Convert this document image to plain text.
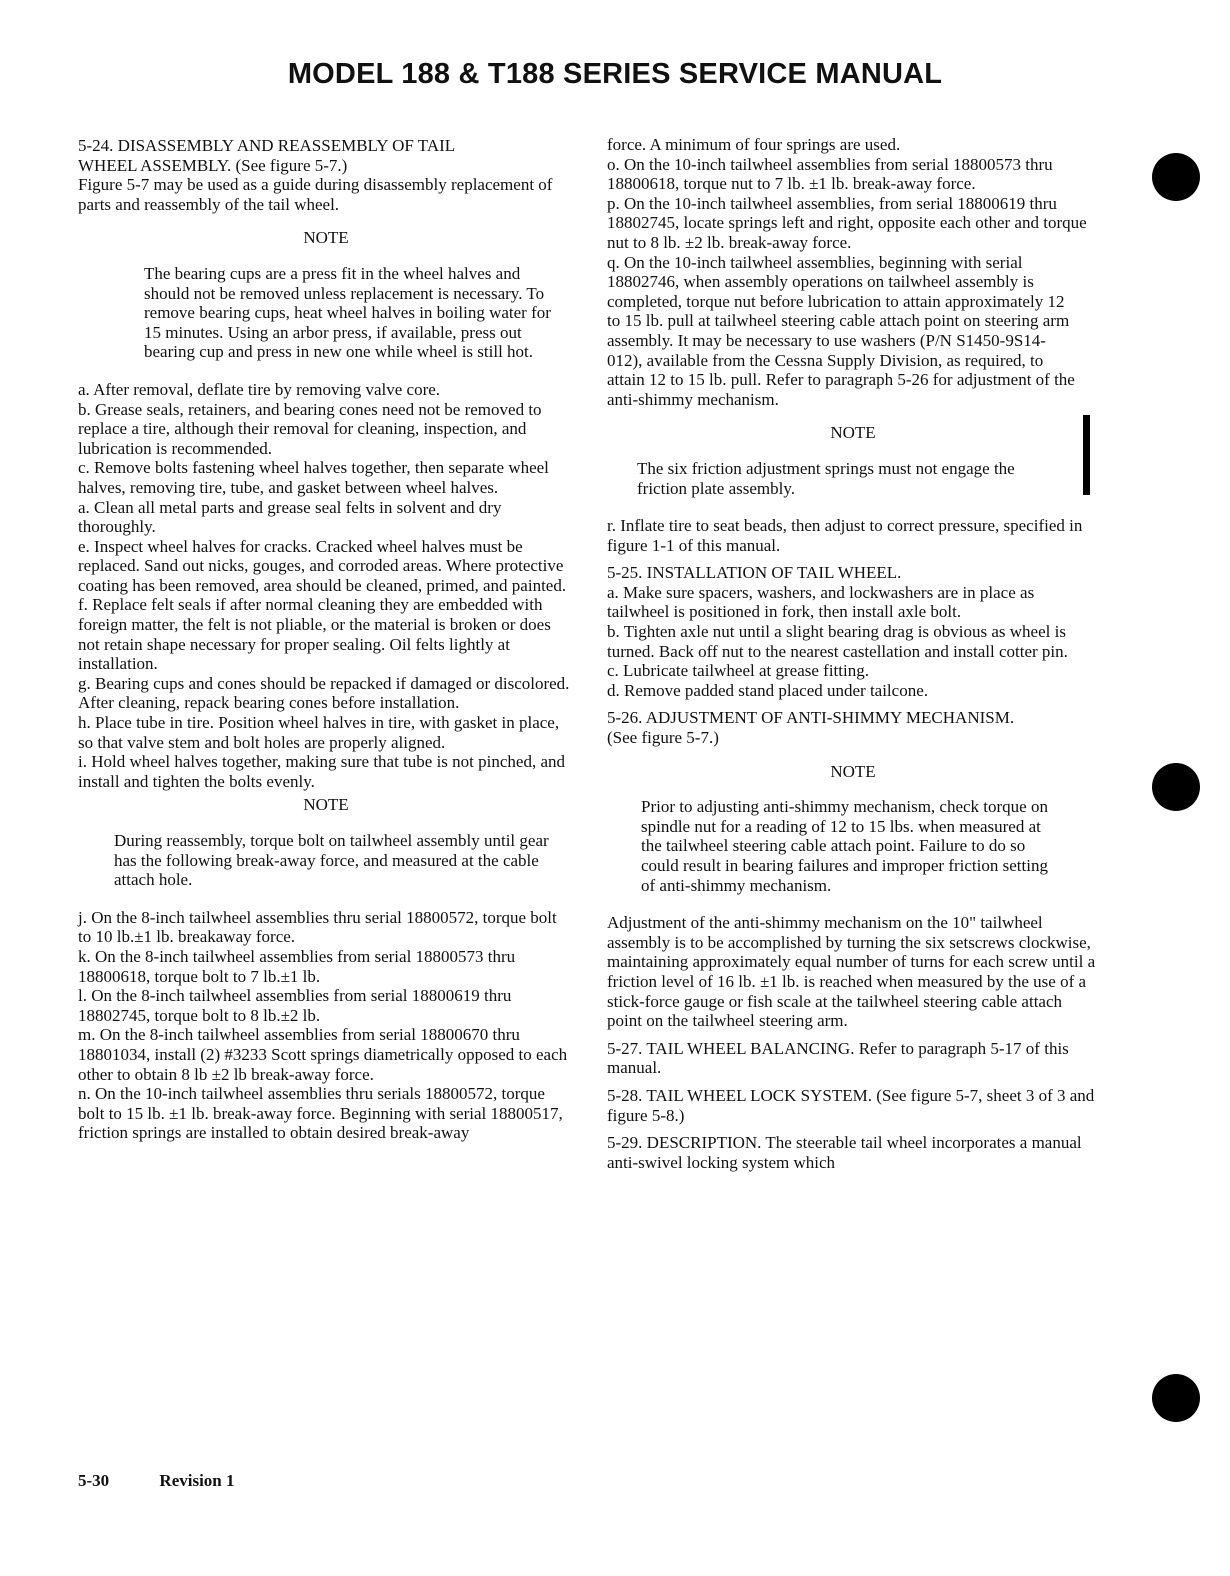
MODEL 188 & T188 SERIES SERVICE MANUAL

5-24. DISASSEMBLY AND REASSEMBLY OF TAIL

WHEEL ASSEMBLY. (See figure 5-7.)

Figure 5-7 may be used as a guide during disassembly replacement of parts and reassembly of the tail wheel.

NOTE

The bearing cups are a press fit in the wheel halves and should not be removed unless replacement is necessary. To remove bearing cups, heat wheel halves in boiling water for 15 minutes. Using an arbor press, if available, press out bearing cup and press in new one while wheel is still hot.

a. After removal, deflate tire by removing valve core.

b. Grease seals, retainers, and bearing cones need not be removed to replace a tire, although their removal for cleaning, inspection, and lubrication is recommended.

c. Remove bolts fastening wheel halves together, then separate wheel halves, removing tire, tube, and gasket between wheel halves.

a. Clean all metal parts and grease seal felts in solvent and dry thoroughly.

e. Inspect wheel halves for cracks. Cracked wheel halves must be replaced. Sand out nicks, gouges, and corroded areas. Where protective coating has been removed, area should be cleaned, primed, and painted.

f. Replace felt seals if after normal cleaning they are embedded with foreign matter, the felt is not pliable, or the material is broken or does not retain shape necessary for proper sealing. Oil felts lightly at installation.

g. Bearing cups and cones should be repacked if damaged or discolored. After cleaning, repack bearing cones before installation.

h. Place tube in tire. Position wheel halves in tire, with gasket in place, so that valve stem and bolt holes are properly aligned.

i. Hold wheel halves together, making sure that tube is not pinched, and install and tighten the bolts evenly.

NOTE

During reassembly, torque bolt on tailwheel assembly until gear has the following break-away force, and measured at the cable attach hole.

j. On the 8-inch tailwheel assemblies thru serial 18800572, torque bolt to 10 lb.±1 lb. breakaway force.

k. On the 8-inch tailwheel assemblies from serial 18800573 thru 18800618, torque bolt to 7 lb.±1 lb.

l. On the 8-inch tailwheel assemblies from serial 18800619 thru 18802745, torque bolt to 8 lb.±2 lb.

m. On the 8-inch tailwheel assemblies from serial 18800670 thru 18801034, install (2) #3233 Scott springs diametrically opposed to each other to obtain 8 lb ±2 lb break-away force.

n. On the 10-inch tailwheel assemblies thru serials 18800572, torque bolt to 15 lb. ±1 lb. break-away force. Beginning with serial 18800517, friction springs are installed to obtain desired break-away

force. A minimum of four springs are used.

o. On the 10-inch tailwheel assemblies from serial 18800573 thru 18800618, torque nut to 7 lb. ±1 lb. break-away force.

p. On the 10-inch tailwheel assemblies, from serial 18800619 thru 18802745, locate springs left and right, opposite each other and torque nut to 8 lb. ±2 lb. break-away force.

q. On the 10-inch tailwheel assemblies, beginning with serial 18802746, when assembly operations on tailwheel assembly is completed, torque nut before lubrication to attain approximately 12 to 15 lb. pull at tailwheel steering cable attach point on steering arm assembly. It may be necessary to use washers (P/N S1450-9S14-012), available from the Cessna Supply Division, as required, to attain 12 to 15 lb. pull. Refer to paragraph 5-26 for adjustment of the anti-shimmy mechanism.

NOTE

The six friction adjustment springs must not engage the friction plate assembly.

r. Inflate tire to seat beads, then adjust to correct pressure, specified in figure 1-1 of this manual.

5-25. INSTALLATION OF TAIL WHEEL.

a. Make sure spacers, washers, and lockwashers are in place as tailwheel is positioned in fork, then install axle bolt.

b. Tighten axle nut until a slight bearing drag is obvious as wheel is turned. Back off nut to the nearest castellation and install cotter pin.

c. Lubricate tailwheel at grease fitting.

d. Remove padded stand placed under tailcone.

5-26. ADJUSTMENT OF ANTI-SHIMMY MECHANISM.

(See figure 5-7.)

NOTE

Prior to adjusting anti-shimmy mechanism, check torque on spindle nut for a reading of 12 to 15 lbs. when measured at the tailwheel steering cable attach point. Failure to do so could result in bearing failures and improper friction setting of anti-shimmy mechanism.

Adjustment of the anti-shimmy mechanism on the 10" tailwheel assembly is to be accomplished by turning the six setscrews clockwise, maintaining approximately equal number of turns for each screw until a friction level of 16 lb. ±1 lb. is reached when measured by the use of a stick-force gauge or fish scale at the tailwheel steering cable attach point on the tailwheel steering arm.

5-27. TAIL WHEEL BALANCING. Refer to paragraph 5-17 of this manual.

5-28. TAIL WHEEL LOCK SYSTEM. (See figure 5-7, sheet 3 of 3 and figure 5-8.)

5-29. DESCRIPTION. The steerable tail wheel incorporates a manual anti-swivel locking system which

5-30	Revision 1
